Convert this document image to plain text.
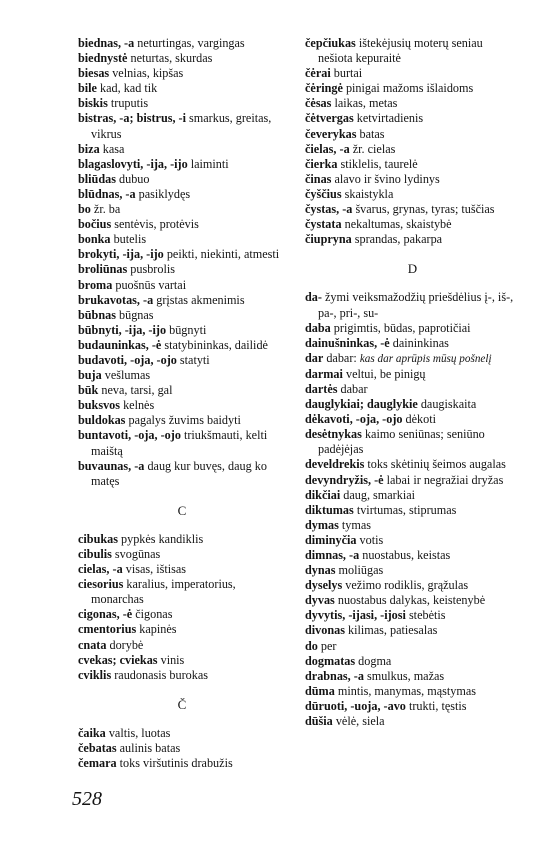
biednas, -a neturtingas, vargingas
biednystė neturtas, skurdas
biesas velnias, kipšas
bile kad, kad tik
biskis truputis
bistras, -a; bistrus, -i smarkus, greitas, vikrus
biza kasa
blagaslovyti, -ija, -ijo laiminti
bliūdas dubuo
blūdnas, -a pasiklydęs
bo žr. ba
bočius sentėvis, protėvis
bonka butelis
brokyti, -ija, -ijo peikti, niekinti, atmesti
broliūnas pusbrolis
broma puošnūs vartai
brukavotas, -a grįstas akmenimis
būbnas būgnas
būbnyti, -ija, -ijo būgnyti
budauninkas, -ė statybininkas, dailidė
budavoti, -oja, -ojo statyti
buja vešlumas
būk neva, tarsi, gal
buksvos kelnės
buldokas pagalys žuvims baidyti
buntavoti, -oja, -ojo triukšmauti, kelti maištą
buvaunas, -a daug kur buvęs, daug ko matęs
C
cibukas pypkės kandiklis
cibulis svogūnas
cielas, -a visas, ištisas
ciesorius karalius, imperatorius, monarchas
cigonas, -ė čigonas
cmentorius kapinės
cnata dorybė
cvekas; cviekas vinis
cviklis raudonasis burokas
Č
čaika valtis, luotas
čebatas aulinis batas
čemara toks viršutinis drabužis
čepčiukas ištekėjusių moterų seniau nešiota kepuraitė
čėrai burtai
čėringė pinigai mažoms išlaidoms
čėsas laikas, metas
čėtvergas ketvirtadienis
čeverykas batas
čielas, -a žr. cielas
čierka stiklelis, taurelė
činas alavo ir švino lydinys
čyščius skaistykla
čystas, -a švarus, grynas, tyras; tuščias
čystata nekaltumas, skaistybė
čiupryna sprandas, pakarpa
D
da- žymi veiksmažodžių priešdėlius į-, iš-, pa-, pri-, su-
daba prigimtis, būdas, paprotičiai
dainušninkas, -ė daininkinas
dar dabar: kas dar aprūpis mūsų pošnelį
darmai veltui, be pinigų
dartės dabar
dauglykiai; dauglykie daugiskaita
dėkavoti, -oja, -ojo dėkoti
desėtnykas kaimo seniūnas; seniūno padėjėjas
develdrekis toks skėtinių šeimos augalas
devyndryžis, -ė labai ir negražiai dryžas
dikčiai daug, smarkiai
diktumas tvirtumas, stiprumas
dymas tymas
diminyčia votis
dimnas, -a nuostabus, keistas
dynas moliūgas
dyselys vežimo rodiklis, grąžulas
dyvas nuostabus dalykas, keistenybė
dyvytis, -ijasi, -ijosi stebėtis
divonas kilimas, patiesalas
do per
dogmatas dogma
drabnas, -a smulkus, mažas
dūma mintis, manymas, mąstymas
dūruoti, -uoja, -avo trukti, tęstis
dūšia vėlė, siela
528
